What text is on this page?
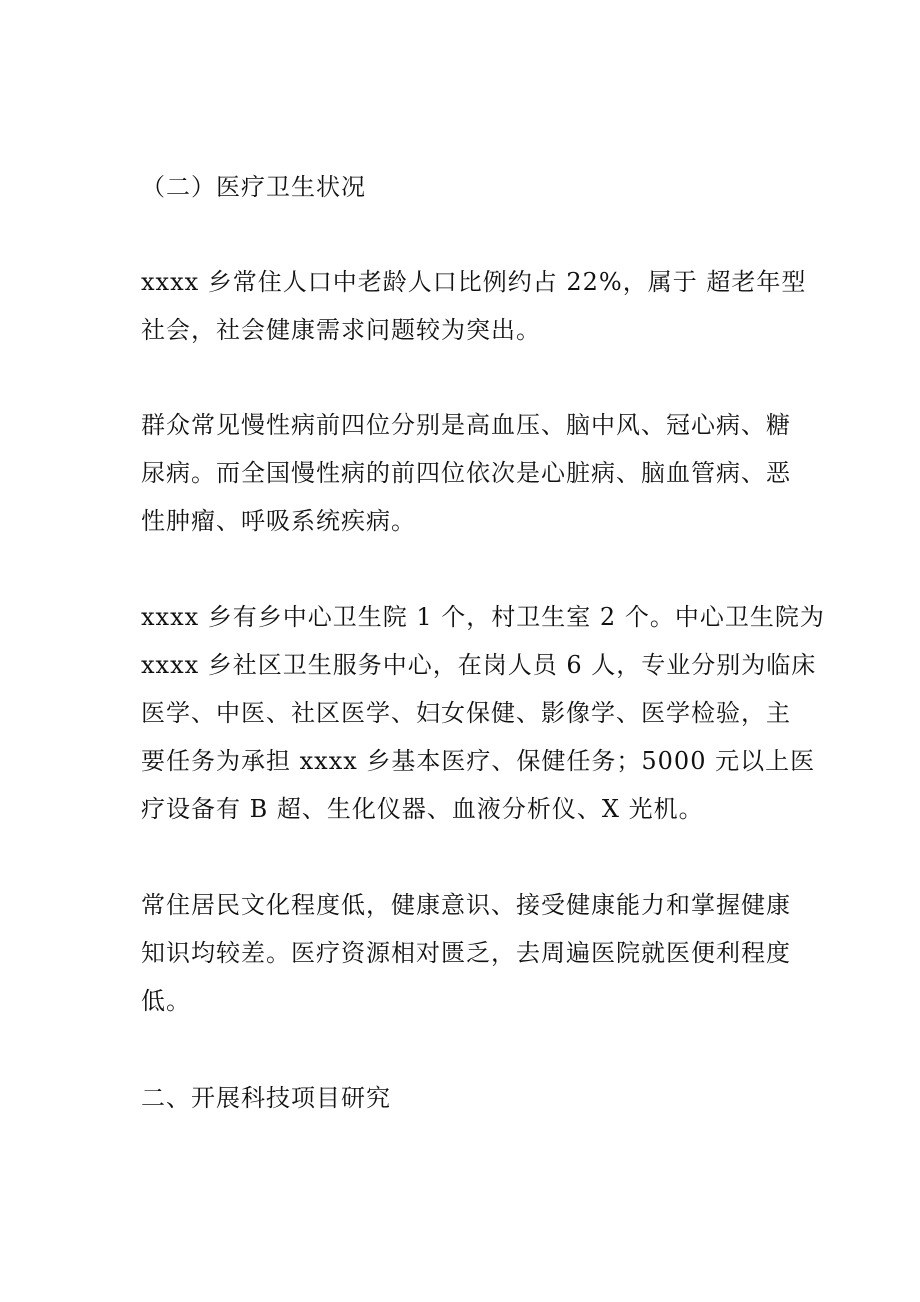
（二）医疗卫生状况

xxxx 乡常住人口中老龄人口比例约占 22%，属于 超老年型
社会，社会健康需求问题较为突出。

群众常见慢性病前四位分别是高血压、脑中风、冠心病、糖
尿病。而全国慢性病的前四位依次是心脏病、脑血管病、恶
性肿瘤、呼吸系统疾病。

xxxx 乡有乡中心卫生院 1 个，村卫生室 2 个。中心卫生院为
xxxx 乡社区卫生服务中心，在岗人员 6 人，专业分别为临床
医学、中医、社区医学、妇女保健、影像学、医学检验，主
要任务为承担 xxxx 乡基本医疗、保健任务；5000 元以上医
疗设备有 B 超、生化仪器、血液分析仪、X 光机。

常住居民文化程度低，健康意识、接受健康能力和掌握健康
知识均较差。医疗资源相对匮乏，去周遍医院就医便利程度
低。

二、开展科技项目研究
